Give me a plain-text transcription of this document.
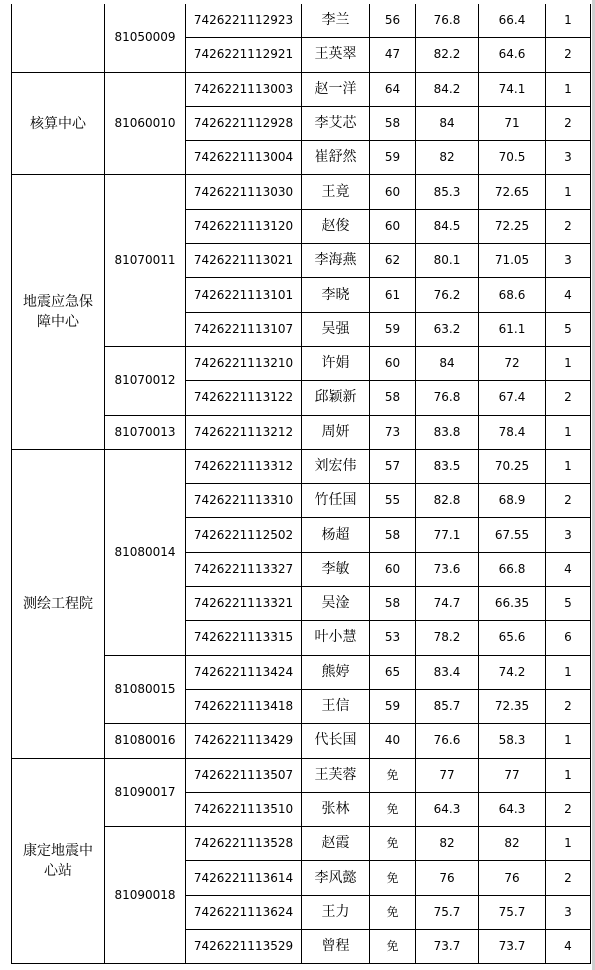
	81050009	7426221112923	李兰	56	76.8	66.4	1
		7426221112921	王英翠	47	82.2	64.6	2
核算中心	81060010	7426221113003	赵一洋	64	84.2	74.1	1
		7426221112928	李艾芯	58	84	71	2
		7426221113004	崔舒然	59	82	70.5	3
地震应急保障中心	81070011	7426221113030	王竟	60	85.3	72.65	1
		7426221113120	赵俊	60	84.5	72.25	2
		7426221113021	李海燕	62	80.1	71.05	3
		7426221113101	李晓	61	76.2	68.6	4
		7426221113107	吴强	59	63.2	61.1	5
	81070012	7426221113210	许娟	60	84	72	1
		7426221113122	邱颖新	58	76.8	67.4	2
	81070013	7426221113212	周妍	73	83.8	78.4	1
测绘工程院	81080014	7426221113312	刘宏伟	57	83.5	70.25	1
		7426221113310	竹任国	55	82.8	68.9	2
		7426221112502	杨超	58	77.1	67.55	3
		7426221113327	李敏	60	73.6	66.8	4
		7426221113321	吴淦	58	74.7	66.35	5
		7426221113315	叶小慧	53	78.2	65.6	6
	81080015	7426221113424	熊婷	65	83.4	74.2	1
		7426221113418	王信	59	85.7	72.35	2
	81080016	7426221113429	代长国	40	76.6	58.3	1
康定地震中心站	81090017	7426221113507	王芙蓉	免	77	77	1
		7426221113510	张林	免	64.3	64.3	2
	81090018	7426221113528	赵霞	免	82	82	1
		7426221113614	李风懿	免	76	76	2
		7426221113624	王力	免	75.7	75.7	3
		7426221113529	曾程	免	73.7	73.7	4
